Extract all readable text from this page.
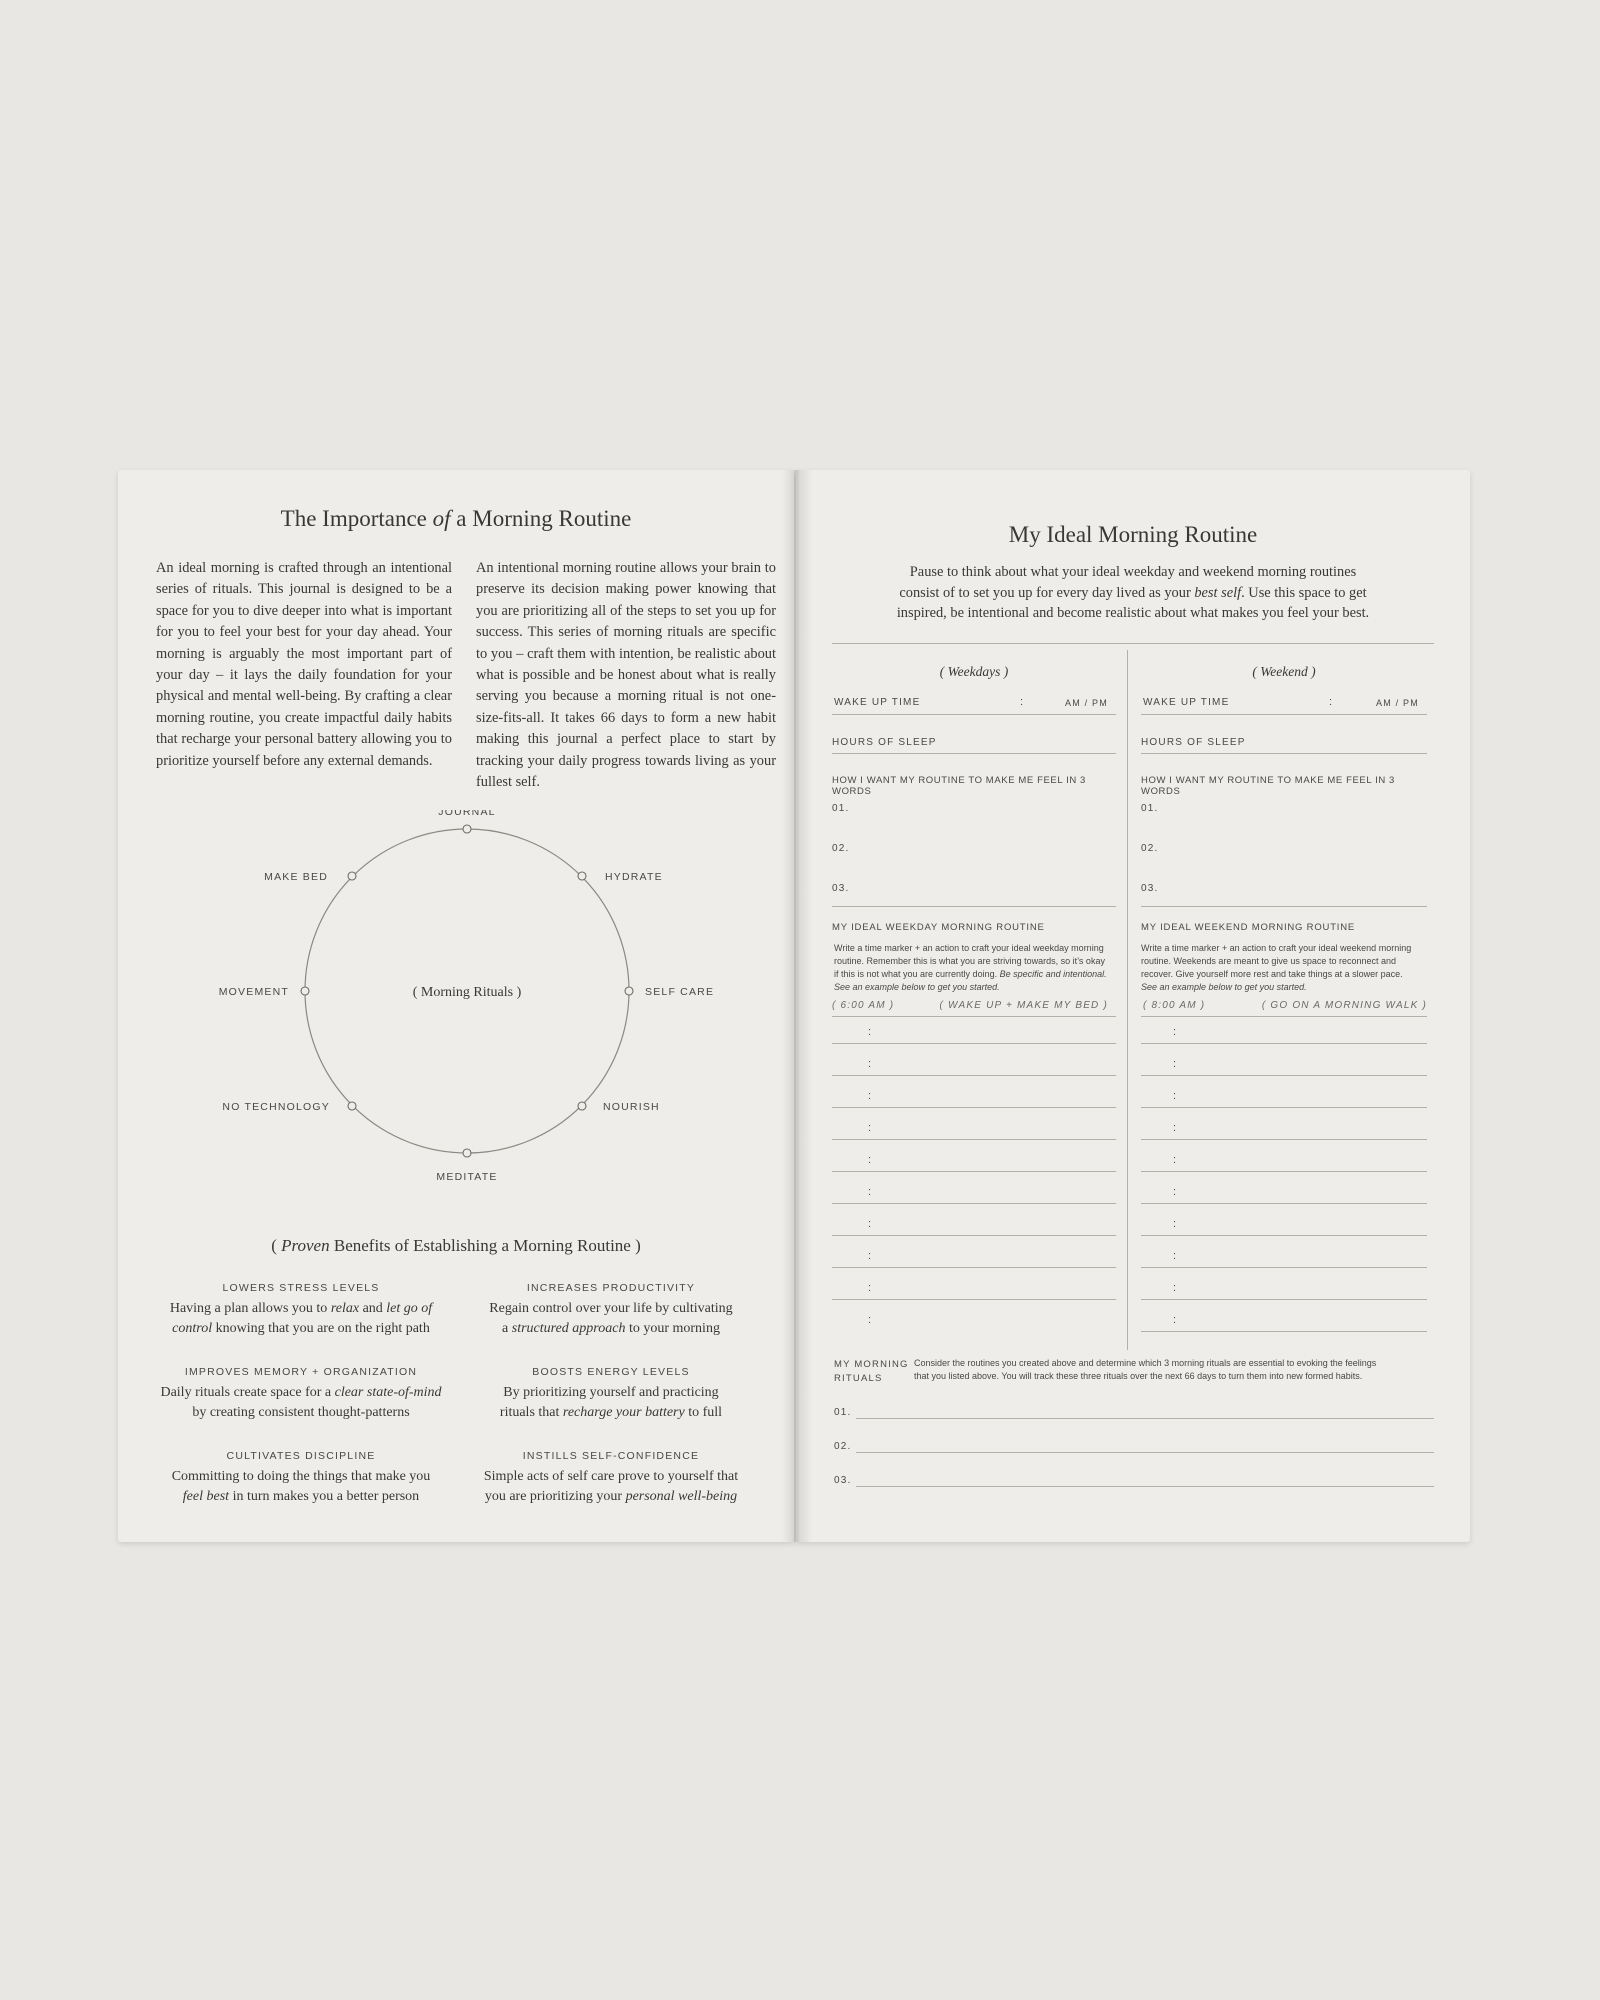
The Importance of a Morning Routine
An ideal morning is crafted through an intentional series of rituals. This journal is designed to be a space for you to dive deeper into what is important for you to feel your best for your day ahead. Your morning is arguably the most important part of your day – it lays the daily foundation for your physical and mental well-being. By crafting a clear morning routine, you create impactful daily habits that recharge your personal battery allowing you to prioritize yourself before any external demands.
An intentional morning routine allows your brain to preserve its decision making power knowing that you are prioritizing all of the steps to set you up for success. This series of morning rituals are specific to you – craft them with intention, be realistic about what is possible and be honest about what is really serving you because a morning ritual is not one-size-fits-all. It takes 66 days to form a new habit making this journal a perfect place to start by tracking your daily progress towards living as your fullest self.
JOURNAL
HYDRATE
SELF CARE
NOURISH
MEDITATE
NO TECHNOLOGY
MOVEMENT
MAKE BED
( Morning Rituals )
( Proven Benefits of Establishing a Morning Routine )
LOWERS STRESS LEVELS
Having a plan allows you to relax and let go of
control knowing that you are on the right path
INCREASES PRODUCTIVITY
Regain control over your life by cultivating
a structured approach to your morning
IMPROVES MEMORY + ORGANIZATION
Daily rituals create space for a clear state-of-mind
by creating consistent thought-patterns
BOOSTS ENERGY LEVELS
By prioritizing yourself and practicing
rituals that recharge your battery to full
CULTIVATES DISCIPLINE
Committing to doing the things that make you
feel best in turn makes you a better person
INSTILLS SELF-CONFIDENCE
Simple acts of self care prove to yourself that
you are prioritizing your personal well-being
My Ideal Morning Routine
Pause to think about what your ideal weekday and weekend morning routines
consist of to set you up for every day lived as your best self. Use this space to get
inspired, be intentional and become realistic about what makes you feel your best.
( Weekdays )
WAKE UP TIME	:	AM / PM
HOURS OF SLEEP
HOW I WANT MY ROUTINE TO MAKE ME FEEL IN 3 WORDS
01.
02.
03.
MY IDEAL WEEKDAY MORNING ROUTINE
Write a time marker + an action to craft your ideal weekday morning
routine. Remember this is what you are striving towards, so it’s okay
if this is not what you are currently doing. Be specific and intentional.
See an example below to get you started.
( 6:00 AM )	( WAKE UP + MAKE MY BED )
:
:
:
:
:
:
:
:
:
:
( Weekend )
WAKE UP TIME	:	AM / PM
HOURS OF SLEEP
HOW I WANT MY ROUTINE TO MAKE ME FEEL IN 3 WORDS
01.
02.
03.
MY IDEAL WEEKEND MORNING ROUTINE
Write a time marker + an action to craft your ideal weekend morning
routine. Weekends are meant to give us space to reconnect and
recover. Give yourself more rest and take things at a slower pace.
See an example below to get you started.
( 8:00 AM )	( GO ON A MORNING WALK )
:
:
:
:
:
:
:
:
:
:
MY MORNING
RITUALS
Consider the routines you created above and determine which 3 morning rituals are essential to evoking the feelings
that you listed above. You will track these three rituals over the next 66 days to turn them into new formed habits.
01.
02.
03.
